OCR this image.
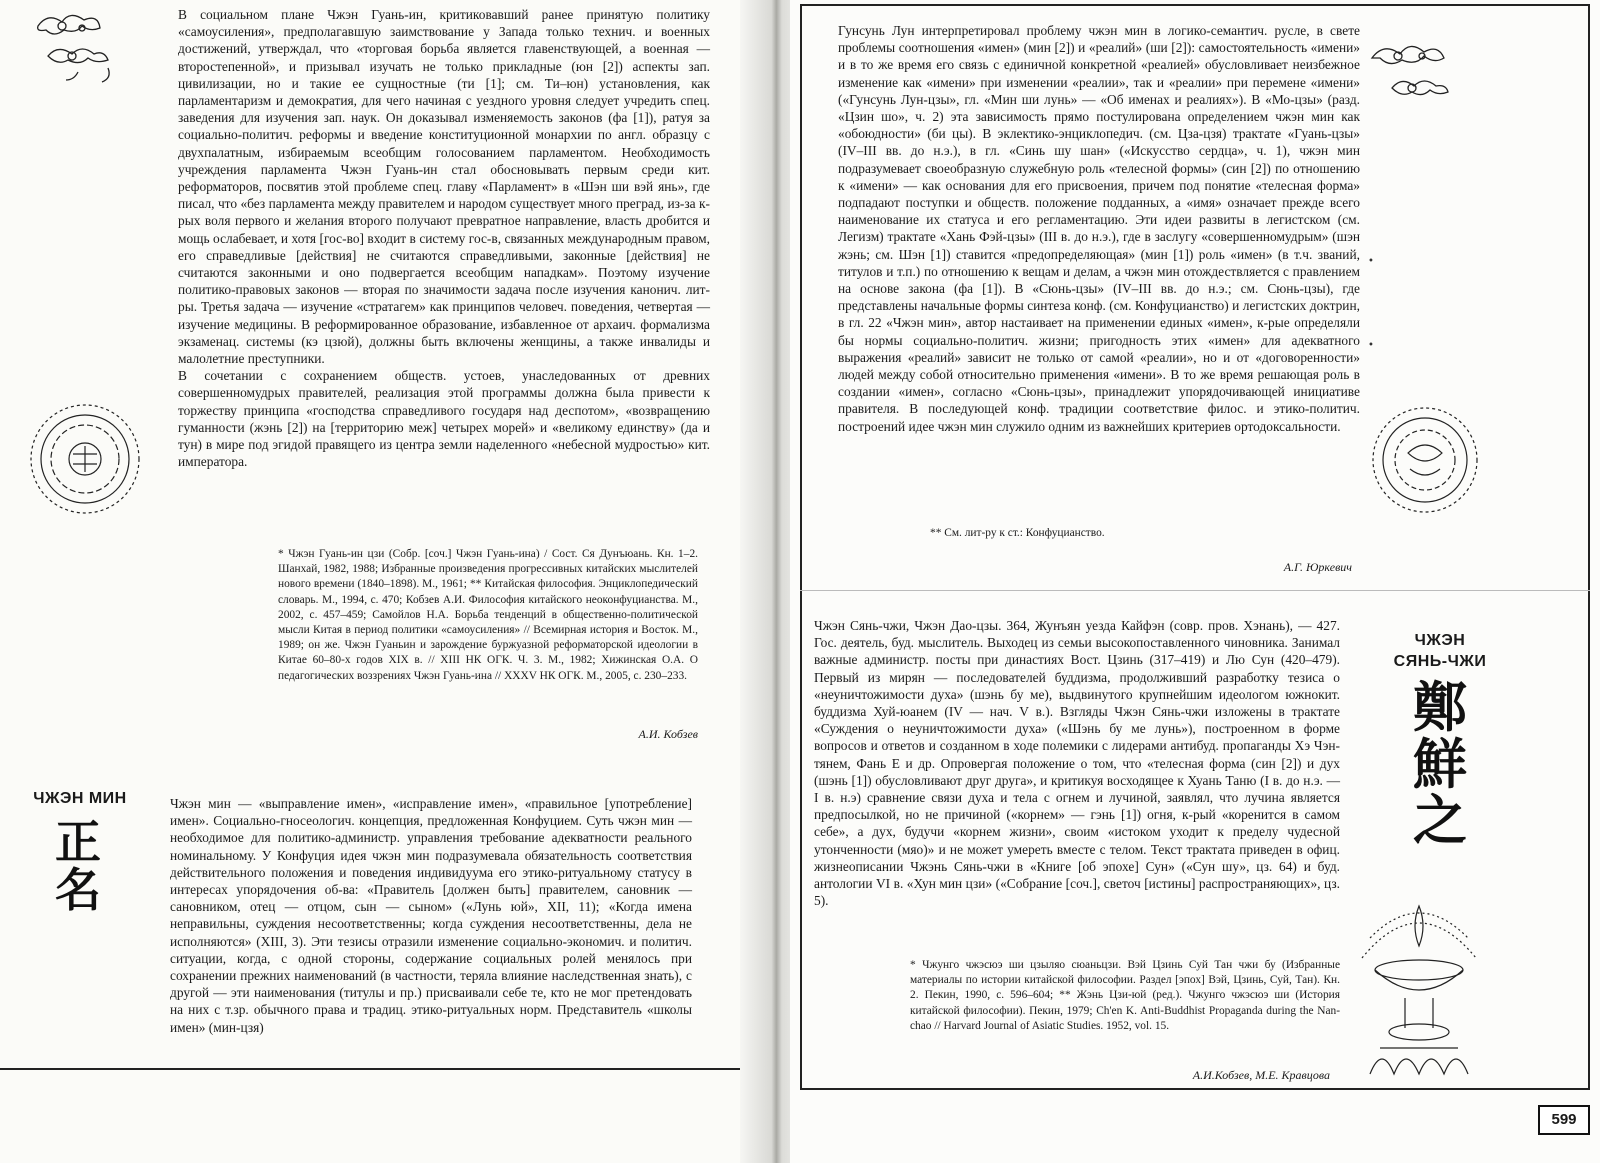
В социальном плане Чжэн Гуань-ин, критиковавший ранее принятую политику «самоусиления», предполагавшую заимствование у Запада только технич. и военных достижений, утверждал, что «торговая борьба является главенствующей, а военная — второстепенной», и призывал изучать не только прикладные (юн [2]) аспекты зап. цивилизации, но и такие ее сущностные (ти [1]; см. Ти–юн) установления, как парламентаризм и демократия, для чего начиная с уездного уровня следует учредить спец. заведения для изучения зап. наук. Он доказывал изменяемость законов (фа [1]), ратуя за социально-политич. реформы и введение конституционной монархии по англ. образцу с двухпалатным, избираемым всеобщим голосованием парламентом. Необходимость учреждения парламента Чжэн Гуань-ин стал обосновывать первым среди кит. реформаторов, посвятив этой проблеме спец. главу «Парламент» в «Шэн ши вэй янь», где писал, что «без парламента между правителем и народом существует много преград, из-за к-рых воля первого и желания второго получают превратное направление, власть дробится и мощь ослабевает, и хотя [гос-во] входит в систему гос-в, связанных международным правом, его справедливые [действия] не считаются справедливыми, законные [действия] не считаются законными и оно подвергается всеобщим нападкам». Поэтому изучение политико-правовых законов — вторая по значимости задача после изучения канонич. лит-ры. Третья задача — изучение «стратагем» как принципов человеч. поведения, четвертая — изучение медицины. В реформированное образование, избавленное от архаич. формализма экзаменац. системы (кэ цзюй), должны быть включены женщины, а также инвалиды и малолетние преступники.

В сочетании с сохранением обществ. устоев, унаследованных от древних совершенномудрых правителей, реализация этой программы должна была привести к торжеству принципа «господства справедливого государя над деспотом», «возвращению гуманности (жэнь [2]) на [территорию меж] четырех морей» и «великому единству» (да и тун) в мире под эгидой правящего из центра земли наделенного «небесной мудростью» кит. императора.

* Чжэн Гуань-ин цзи (Собр. [соч.] Чжэн Гуань-ина) / Сост. Ся Дунъюань. Кн. 1–2. Шанхай, 1982, 1988; Избранные произведения прогрессивных китайских мыслителей нового времени (1840–1898). М., 1961; ** Китайская философия. Энциклопедический словарь. М., 1994, с. 470; Кобзев А.И. Философия китайского неоконфуцианства. М., 2002, с. 457–459; Самойлов Н.А. Борьба тенденций в общественно-политической мысли Китая в период политики «самоусиления» // Всемирная история и Восток. М., 1989; он же. Чжэн Гуаньин и зарождение буржуазной реформаторской идеологии в Китае 60–80-х годов XIX в. // XIII НК ОГК. Ч. 3. М., 1982; Хижинская О.А. О педагогических воззрениях Чжэн Гуань-ина // XXXV НК ОГК. М., 2005, с. 230–233.
А.И. Кобзев
ЧЖЭН МИН
正
名
Чжэн мин — «выправление имен», «исправление имен», «правильное [употребление] имен». Социально-гносеологич. концепция, предложенная Конфуцием. Суть чжэн мин — необходимое для политико-администр. управления требование адекватности реального номинальному. У Конфуция идея чжэн мин подразумевала обязательность соответствия действительного положения и поведения индивидуума его этико-ритуальному статусу в интересах упорядочения об-ва: «Правитель [должен быть] правителем, сановник — сановником, отец — отцом, сын — сыном» («Лунь юй», XII, 11); «Когда имена неправильны, суждения несоответственны; когда суждения несоответственны, дела не исполняются» (XIII, 3). Эти тезисы отразили изменение социально-экономич. и политич. ситуации, когда, с одной стороны, содержание социальных ролей менялось при сохранении прежних наименований (в частности, теряла влияние наследственная знать), с другой — эти наименования (титулы и пр.) присваивали себе те, кто не мог претендовать на них с т.зр. обычного права и традиц. этико-ритуальных норм. Представитель «школы имен» (мин-цзя)
•
•
Гунсунь Лун интерпретировал проблему чжэн мин в логико-семантич. русле, в свете проблемы соотношения «имен» (мин [2]) и «реалий» (ши [2]): самостоятельность «имени» и в то же время его связь с единичной конкретной «реалией» обусловливает неизбежное изменение как «имени» при изменении «реалии», так и «реалии» при перемене «имени» («Гунсунь Лун-цзы», гл. «Мин ши лунь» — «Об именах и реалиях»). В «Мо-цзы» (разд. «Цзин шо», ч. 2) эта зависимость прямо постулирована определением чжэн мин как «обоюдности» (би цы). В эклектико-энциклопедич. (см. Цза-цзя) трактате «Гуань-цзы» (IV–III вв. до н.э.), в гл. «Синь шу шан» («Искусство сердца», ч. 1), чжэн мин подразумевает своеобразную служебную роль «телесной формы» (син [2]) по отношению к «имени» — как основания для его присвоения, причем под понятие «телесная форма» подпадают поступки и обществ. положение подданных, а «имя» означает прежде всего наименование их статуса и его регламентацию. Эти идеи развиты в легистском (см. Легизм) трактате «Хань Фэй-цзы» (III в. до н.э.), где в заслугу «совершенномудрым» (шэн жэнь; см. Шэн [1]) ставится «предопределяющая» (мин [1]) роль «имен» (в т.ч. званий, титулов и т.п.) по отношению к вещам и делам, а чжэн мин отождествляется с правлением на основе закона (фа [1]). В «Сюнь-цзы» (IV–III вв. до н.э.; см. Сюнь-цзы), где представлены начальные формы синтеза конф. (см. Конфуцианство) и легистских доктрин, в гл. 22 «Чжэн мин», автор настаивает на применении единых «имен», к-рые определяли бы нормы социально-политич. жизни; пригодность этих «имен» для адекватного выражения «реалий» зависит не только от самой «реалии», но и от «договоренности» людей между собой относительно применения «имени». В то же время решающая роль в создании «имен», согласно «Сюнь-цзы», принадлежит упорядочивающей инициативе правителя. В последующей конф. традиции соответствие филос. и этико-политич. построений идее чжэн мин служило одним из важнейших критериев ортодоксальности.
** См. лит-ру к ст.: Конфуцианство.
А.Г. Юркевич
ЧЖЭН
СЯНЬ-ЧЖИ
鄭
鮮
之
Чжэн Сянь-чжи, Чжэн Дао-цзы. 364, Жунъян уезда Кайфэн (совр. пров. Хэнань), — 427. Гос. деятель, буд. мыслитель. Выходец из семьи высокопоставленного чиновника. Занимал важные администр. посты при династиях Вост. Цзинь (317–419) и Лю Сун (420–479). Первый из мирян — последователей буддизма, продолживший разработку тезиса о «неуничтожимости духа» (шэнь бу ме), выдвинутого крупнейшим идеологом южнокит. буддизма Хуй-юанем (IV — нач. V в.). Взгляды Чжэн Сянь-чжи изложены в трактате «Суждения о неуничтожимости духа» («Шэнь бу ме лунь»), построенном в форме вопросов и ответов и созданном в ходе полемики с лидерами антибуд. пропаганды Хэ Чэн-тянем, Фань Е и др. Опровергая положение о том, что «телесная форма (син [2]) и дух (шэнь [1]) обусловливают друг друга», и критикуя восходящее к Хуань Таню (I в. до н.э. — I в. н.э) сравнение связи духа и тела с огнем и лучиной, заявлял, что лучина является предпосылкой, но не причиной («корнем» — гэнь [1]) огня, к-рый «коренится в самом себе», а дух, будучи «корнем жизни», своим «истоком уходит к пределу чудесной утонченности (мяо)» и не может умереть вместе с телом. Текст трактата приведен в офиц. жизнеописании Чжэнь Сянь-чжи в «Книге [об эпохе] Сун» («Сун шу», цз. 64) и буд. антологии VI в. «Хун мин цзи» («Собрание [соч.], светоч [истины] распространяющих», цз. 5).
* Чжунго чжэсюэ ши цзыляо сюаньцзи. Вэй Цзинь Суй Тан чжи бу (Избранные материалы по истории китайской философии. Раздел [эпох] Вэй, Цзинь, Суй, Тан). Кн. 2. Пекин, 1990, с. 596–604; ** Жэнь Цзи-юй (ред.). Чжунго чжэсюэ ши (История китайской философии). Пекин, 1979; Ch'en K. Anti-Buddhist Propaganda during the Nan-chao // Harvard Journal of Asiatic Studies. 1952, vol. 15.
А.И.Кобзев, М.Е. Кравцова
599
